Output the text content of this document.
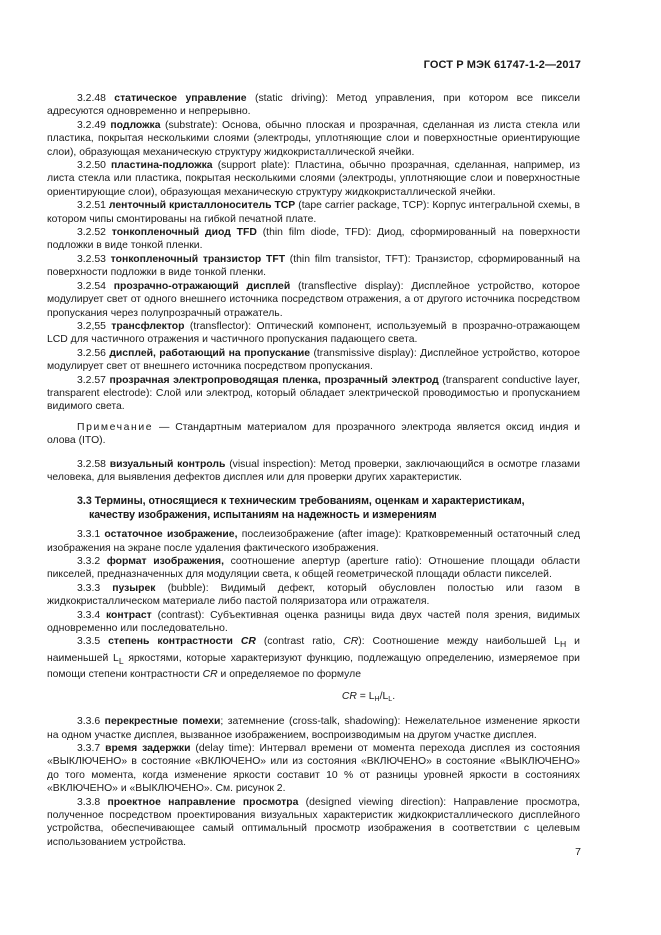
ГОСТ Р МЭК 61747-1-2—2017

3.2.48 статическое управление (static driving): Метод управления, при котором все пиксели адресуются одновременно и непрерывно.

3.2.49 подложка (substrate): Основа, обычно плоская и прозрачная, сделанная из листа стекла или пластика, покрытая несколькими слоями (электроды, уплотняющие слои и поверхностные ориентирующие слои), образующая механическую структуру жидкокристаллической ячейки.

3.2.50 пластина-подложка (support plate): Пластина, обычно прозрачная, сделанная, например, из листа стекла или пластика, покрытая несколькими слоями (электроды, уплотняющие слои и поверхностные ориентирующие слои), образующая механическую структуру жидкокристаллической ячейки.

3.2.51 ленточный кристаллоноситель TCP (tape carrier package, TCP): Корпус интегральной схемы, в котором чипы смонтированы на гибкой печатной плате.

3.2.52 тонкопленочный диод TFD (thin film diode, TFD): Диод, сформированный на поверхности подложки в виде тонкой пленки.

3.2.53 тонкопленочный транзистор TFT (thin film transistor, TFT): Транзистор, сформированный на поверхности подложки в виде тонкой пленки.

3.2.54 прозрачно-отражающий дисплей (transflective display): Дисплейное устройство, которое модулирует свет от одного внешнего источника посредством отражения, а от другого источника посредством пропускания через полупрозрачный отражатель.

3.2,55 трансфлектор (transflector): Оптический компонент, используемый в прозрачно-отражающем LCD для частичного отражения и частичного пропускания падающего света.

3.2.56 дисплей, работающий на пропускание (transmissive display): Дисплейное устройство, которое модулирует свет от внешнего источника посредством пропускания.

3.2.57 прозрачная электропроводящая пленка, прозрачный электрод (transparent conductive layer, transparent electrode): Слой или электрод, который обладает электрической проводимостью и пропусканием видимого света.

Примечание — Стандартным материалом для прозрачного электрода является оксид индия и олова (ITO).

3.2.58 визуальный контроль (visual inspection): Метод проверки, заключающийся в осмотре глазами человека, для выявления дефектов дисплея или для проверки других характеристик.

3.3 Термины, относящиеся к техническим требованиям, оценкам и характеристикам,
качеству изображения, испытаниям на надежность и измерениям

3.3.1 остаточное изображение, послеизображение (after image): Кратковременный остаточный след изображения на экране после удаления фактического изображения.

3.3.2 формат изображения, соотношение апертур (aperture ratio): Отношение площади области пикселей, предназначенных для модуляции света, к общей геометрической площади области пикселей.

3.3.3 пузырек (bubble): Видимый дефект, который обусловлен полостью или газом в жидкокристаллическом материале либо пастой поляризатора или отражателя.

3.3.4 контраст (contrast): Субъективная оценка разницы вида двух частей поля зрения, видимых одновременно или последовательно.

3.3.5 степень контрастности CR (contrast ratio, CR): Соотношение между наибольшей $L_H$ и наименьшей $L_L$ яркостями, которые характеризуют функцию, подлежащую определению, измеряемое при помощи степени контрастности CR и определяемое по формуле

CR = $L_H/L_L$.

3.3.6 перекрестные помехи; затемнение (cross-talk, shadowing): Нежелательное изменение яркости на одном участке дисплея, вызванное изображением, воспроизводимым на другом участке дисплея.

3.3.7 время задержки (delay time): Интервал времени от момента перехода дисплея из состояния «ВЫКЛЮЧЕНО» в состояние «ВКЛЮЧЕНО» или из состояния «ВКЛЮЧЕНО» в состояние «ВЫКЛЮЧЕНО» до того момента, когда изменение яркости составит 10 % от разницы уровней яркости в состояниях «ВКЛЮЧЕНО» и «ВЫКЛЮЧЕНО». См. рисунок 2.

3.3.8 проектное направление просмотра (designed viewing direction): Направление просмотра, полученное посредством проектирования визуальных характеристик жидкокристаллического дисплейного устройства, обеспечивающее самый оптимальный просмотр изображения в соответствии с целевым использованием устройства.

7
